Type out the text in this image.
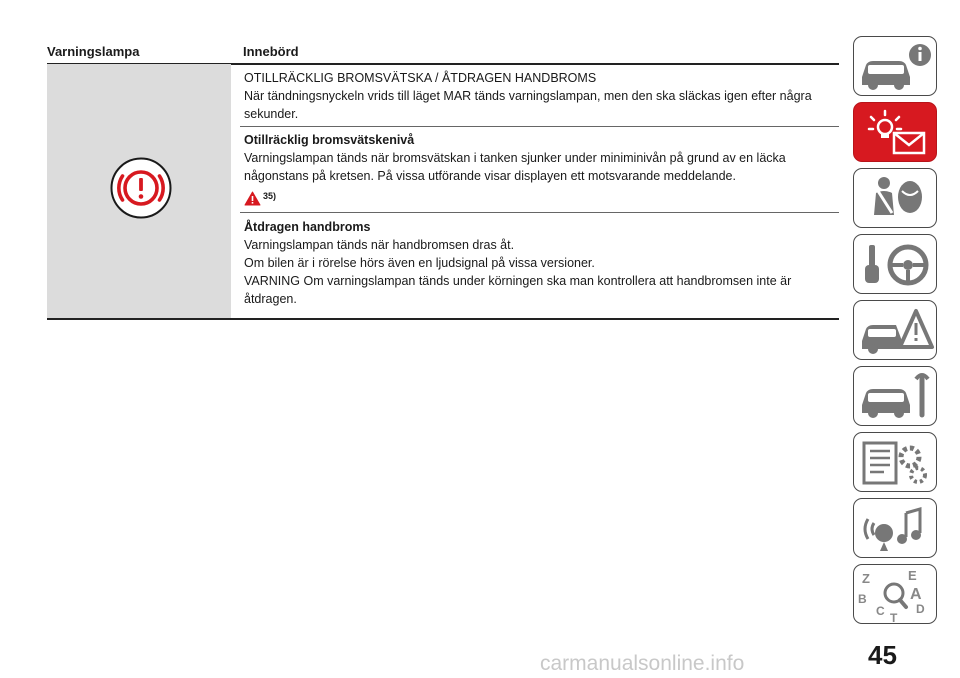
Varningslampa	Innebörd

OTILLRÄCKLIG BROMSVÄTSKA / ÅTDRAGEN HANDBROMS

När tändningsnyckeln vrids till läget MAR tänds varningslampan, men den ska släckas igen efter några sekunder.

Otillräcklig bromsvätskenivå

Varningslampan tänds när bromsvätskan i tanken sjunker under miniminivån på grund av en läcka någonstans på kretsen. På vissa utförande visar displayen ett motsvarande meddelande.

35)

Åtdragen handbroms

Varningslampan tänds när handbromsen dras åt.

Om bilen är i rörelse hörs även en ljudsignal på vissa versioner.

VARNING Om varningslampan tänds under körningen ska man kontrollera att handbromsen inte är åtdragen.

Z	E
B	A
C	D
T
carmanualsonline.info	45
